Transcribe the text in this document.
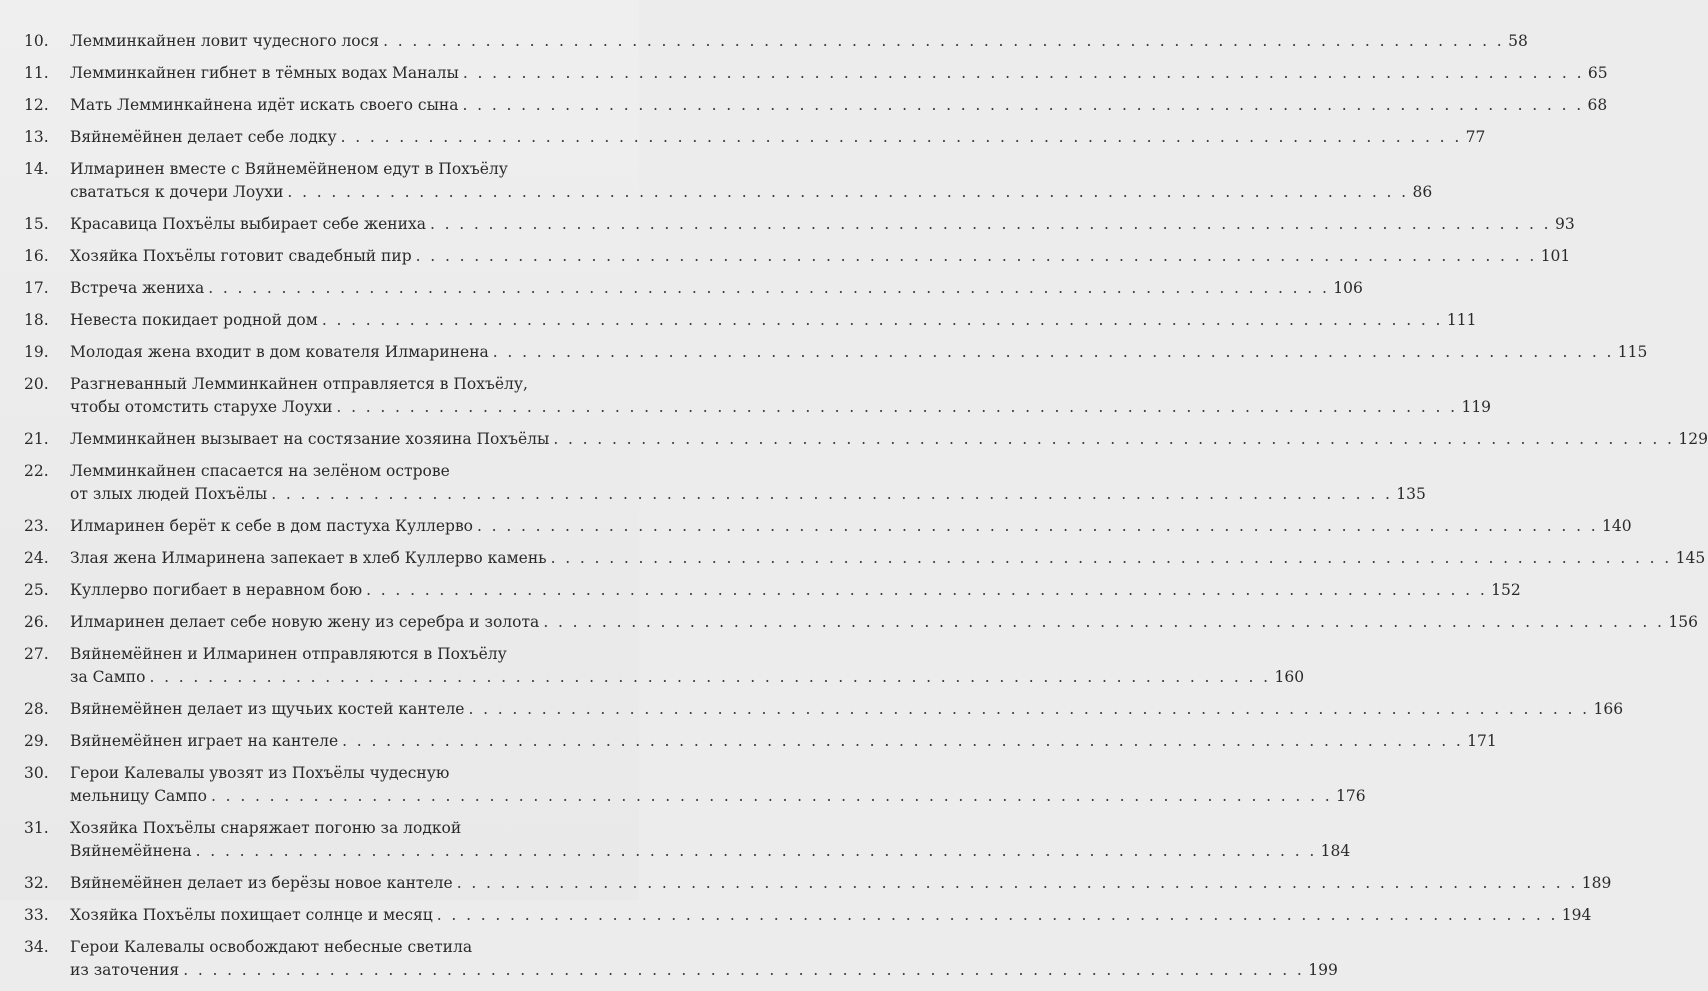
10.	Лемминкайнен ловит чудесного лося . . . . . . . . . . . . . . . . . . . . . . . . . . . . . . . . . . . . . . . . . . . . . . . . . . . . . . . . . . . . . . . . . . . . . . . . . . . . . 58
11.	Лемминкайнен гибнет в тёмных водах Маналы . . . . . . . . . . . . . . . . . . . . . . . . . . . . . . . . . . . . . . . . . . . . . . . . . . . . . . . . . . . . . . . . . . . . . . . . . . . . . 65
12.	Мать Лемминкайнена идёт искать своего сына . . . . . . . . . . . . . . . . . . . . . . . . . . . . . . . . . . . . . . . . . . . . . . . . . . . . . . . . . . . . . . . . . . . . . . . . . . . . . 68
13.	Вяйнемёйнен делает себе лодку . . . . . . . . . . . . . . . . . . . . . . . . . . . . . . . . . . . . . . . . . . . . . . . . . . . . . . . . . . . . . . . . . . . . . . . . . . . . . 77
14.	Илмаринен вместе с Вяйнемёйненом едут в Похъёлу
свататься к дочери Лоухи . . . . . . . . . . . . . . . . . . . . . . . . . . . . . . . . . . . . . . . . . . . . . . . . . . . . . . . . . . . . . . . . . . . . . . . . . . . . . 86
15.	Красавица Похъёлы выбирает себе жениха . . . . . . . . . . . . . . . . . . . . . . . . . . . . . . . . . . . . . . . . . . . . . . . . . . . . . . . . . . . . . . . . . . . . . . . . . . . . . 93
16.	Хозяйка Похъёлы готовит свадебный пир . . . . . . . . . . . . . . . . . . . . . . . . . . . . . . . . . . . . . . . . . . . . . . . . . . . . . . . . . . . . . . . . . . . . . . . . . . . . . 101
17.	Встреча жениха . . . . . . . . . . . . . . . . . . . . . . . . . . . . . . . . . . . . . . . . . . . . . . . . . . . . . . . . . . . . . . . . . . . . . . . . . . . . . 106
18.	Невеста покидает родной дом . . . . . . . . . . . . . . . . . . . . . . . . . . . . . . . . . . . . . . . . . . . . . . . . . . . . . . . . . . . . . . . . . . . . . . . . . . . . . 111
19.	Молодая жена входит в дом кователя Илмаринена . . . . . . . . . . . . . . . . . . . . . . . . . . . . . . . . . . . . . . . . . . . . . . . . . . . . . . . . . . . . . . . . . . . . . . . . . . . . . 115
20.	Разгневанный Лемминкайнен отправляется в Похъёлу,
чтобы отомстить старухе Лоухи . . . . . . . . . . . . . . . . . . . . . . . . . . . . . . . . . . . . . . . . . . . . . . . . . . . . . . . . . . . . . . . . . . . . . . . . . . . . . 119
21.	Лемминкайнен вызывает на состязание хозяина Похъёлы . . . . . . . . . . . . . . . . . . . . . . . . . . . . . . . . . . . . . . . . . . . . . . . . . . . . . . . . . . . . . . . . . . . . . . . . . . . . . 129
22.	Лемминкайнен спасается на зелёном острове
от злых людей Похъёлы . . . . . . . . . . . . . . . . . . . . . . . . . . . . . . . . . . . . . . . . . . . . . . . . . . . . . . . . . . . . . . . . . . . . . . . . . . . . . 135
23.	Илмаринен берёт к себе в дом пастуха Куллерво . . . . . . . . . . . . . . . . . . . . . . . . . . . . . . . . . . . . . . . . . . . . . . . . . . . . . . . . . . . . . . . . . . . . . . . . . . . . . 140
24.	Злая жена Илмаринена запекает в хлеб Куллерво камень . . . . . . . . . . . . . . . . . . . . . . . . . . . . . . . . . . . . . . . . . . . . . . . . . . . . . . . . . . . . . . . . . . . . . . . . . . . . . 145
25.	Куллерво погибает в неравном бою . . . . . . . . . . . . . . . . . . . . . . . . . . . . . . . . . . . . . . . . . . . . . . . . . . . . . . . . . . . . . . . . . . . . . . . . . . . . . 152
26.	Илмаринен делает себе новую жену из серебра и золота . . . . . . . . . . . . . . . . . . . . . . . . . . . . . . . . . . . . . . . . . . . . . . . . . . . . . . . . . . . . . . . . . . . . . . . . . . . . . 156
27.	Вяйнемёйнен и Илмаринен отправляются в Похъёлу
за Сампо . . . . . . . . . . . . . . . . . . . . . . . . . . . . . . . . . . . . . . . . . . . . . . . . . . . . . . . . . . . . . . . . . . . . . . . . . . . . . 160
28.	Вяйнемёйнен делает из щучьих костей кантеле . . . . . . . . . . . . . . . . . . . . . . . . . . . . . . . . . . . . . . . . . . . . . . . . . . . . . . . . . . . . . . . . . . . . . . . . . . . . . 166
29.	Вяйнемёйнен играет на кантеле . . . . . . . . . . . . . . . . . . . . . . . . . . . . . . . . . . . . . . . . . . . . . . . . . . . . . . . . . . . . . . . . . . . . . . . . . . . . . 171
30.	Герои Калевалы увозят из Похъёлы чудесную
мельницу Сампо . . . . . . . . . . . . . . . . . . . . . . . . . . . . . . . . . . . . . . . . . . . . . . . . . . . . . . . . . . . . . . . . . . . . . . . . . . . . . 176
31.	Хозяйка Похъёлы снаряжает погоню за лодкой
Вяйнемёйнена . . . . . . . . . . . . . . . . . . . . . . . . . . . . . . . . . . . . . . . . . . . . . . . . . . . . . . . . . . . . . . . . . . . . . . . . . . . . . 184
32.	Вяйнемёйнен делает из берёзы новое кантеле . . . . . . . . . . . . . . . . . . . . . . . . . . . . . . . . . . . . . . . . . . . . . . . . . . . . . . . . . . . . . . . . . . . . . . . . . . . . . 189
33.	Хозяйка Похъёлы похищает солнце и месяц . . . . . . . . . . . . . . . . . . . . . . . . . . . . . . . . . . . . . . . . . . . . . . . . . . . . . . . . . . . . . . . . . . . . . . . . . . . . . 194
34.	Герои Калевалы освобождают небесные светила
из заточения . . . . . . . . . . . . . . . . . . . . . . . . . . . . . . . . . . . . . . . . . . . . . . . . . . . . . . . . . . . . . . . . . . . . . . . . . . . . . 199
